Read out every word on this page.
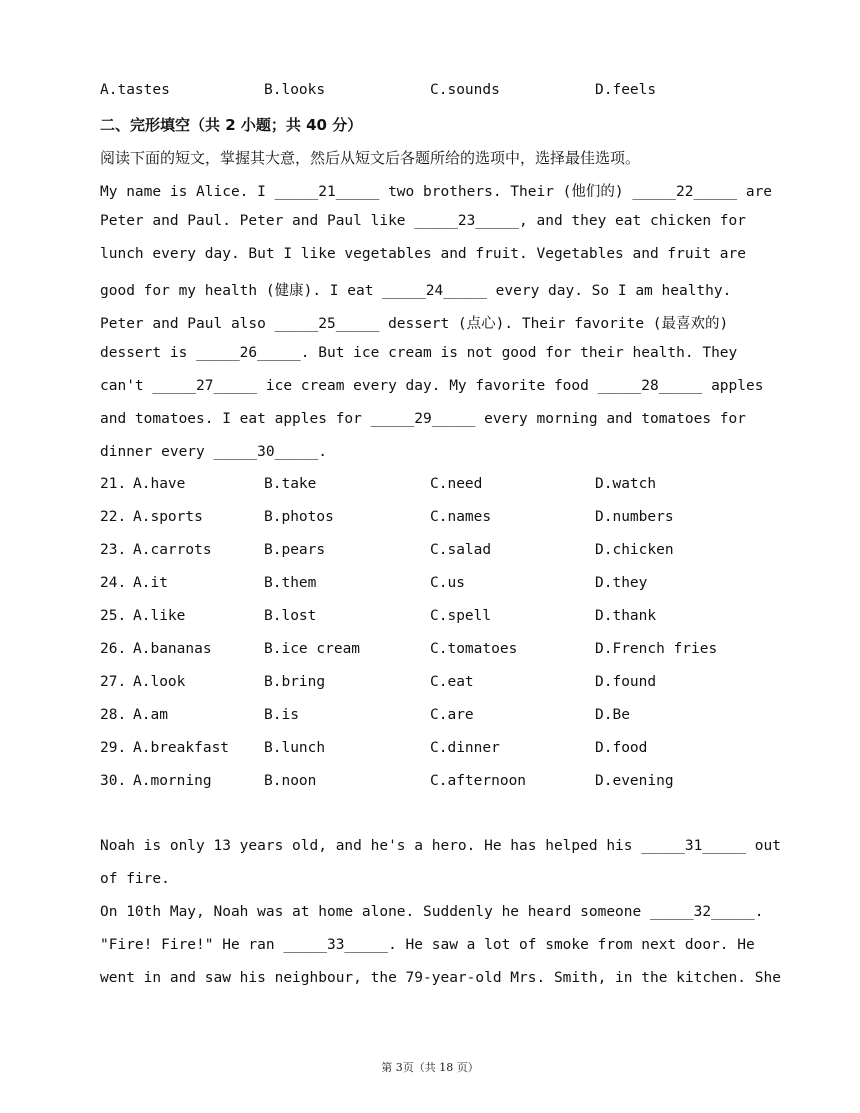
A.tastes	B.looks	C.sounds	D.feels
二、完形填空（共 2 小题；共 40 分）
阅读下面的短文，掌握其大意，然后从短文后各题所给的选项中，选择最佳选项。
My name is Alice. I _____21_____ two brothers. Their (他们的) _____22_____ are
Peter and Paul. Peter and Paul like _____23_____, and they eat chicken for
lunch every day. But I like vegetables and fruit. Vegetables and fruit are
good for my health (健康). I eat _____24_____ every day. So I am healthy.
Peter and Paul also _____25_____ dessert (点心). Their favorite (最喜欢的)
dessert is _____26_____. But ice cream is not good for their health. They
can't _____27_____ ice cream every day. My favorite food _____28_____ apples
and tomatoes. I eat apples for _____29_____ every morning and tomatoes for
dinner every _____30_____.
21. A.have	B.take	C.need	D.watch
22. A.sports	B.photos	C.names	D.numbers
23. A.carrots	B.pears	C.salad	D.chicken
24. A.it	B.them	C.us	D.they
25. A.like	B.lost	C.spell	D.thank
26. A.bananas	B.ice cream	C.tomatoes	D.French fries
27. A.look	B.bring	C.eat	D.found
28. A.am	B.is	C.are	D.Be
29. A.breakfast B.lunch	C.dinner	D.food
30. A.morning	B.noon	C.afternoon	D.evening
Noah is only 13 years old, and he's a hero. He has helped his _____31_____ out
of fire.
On 10th May, Noah was at home alone. Suddenly he heard someone _____32_____.
"Fire! Fire!" He ran _____33_____. He saw a lot of smoke from next door. He
went in and saw his neighbour, the 79-year-old Mrs. Smith, in the kitchen. She
第 3页（共 18 页）
